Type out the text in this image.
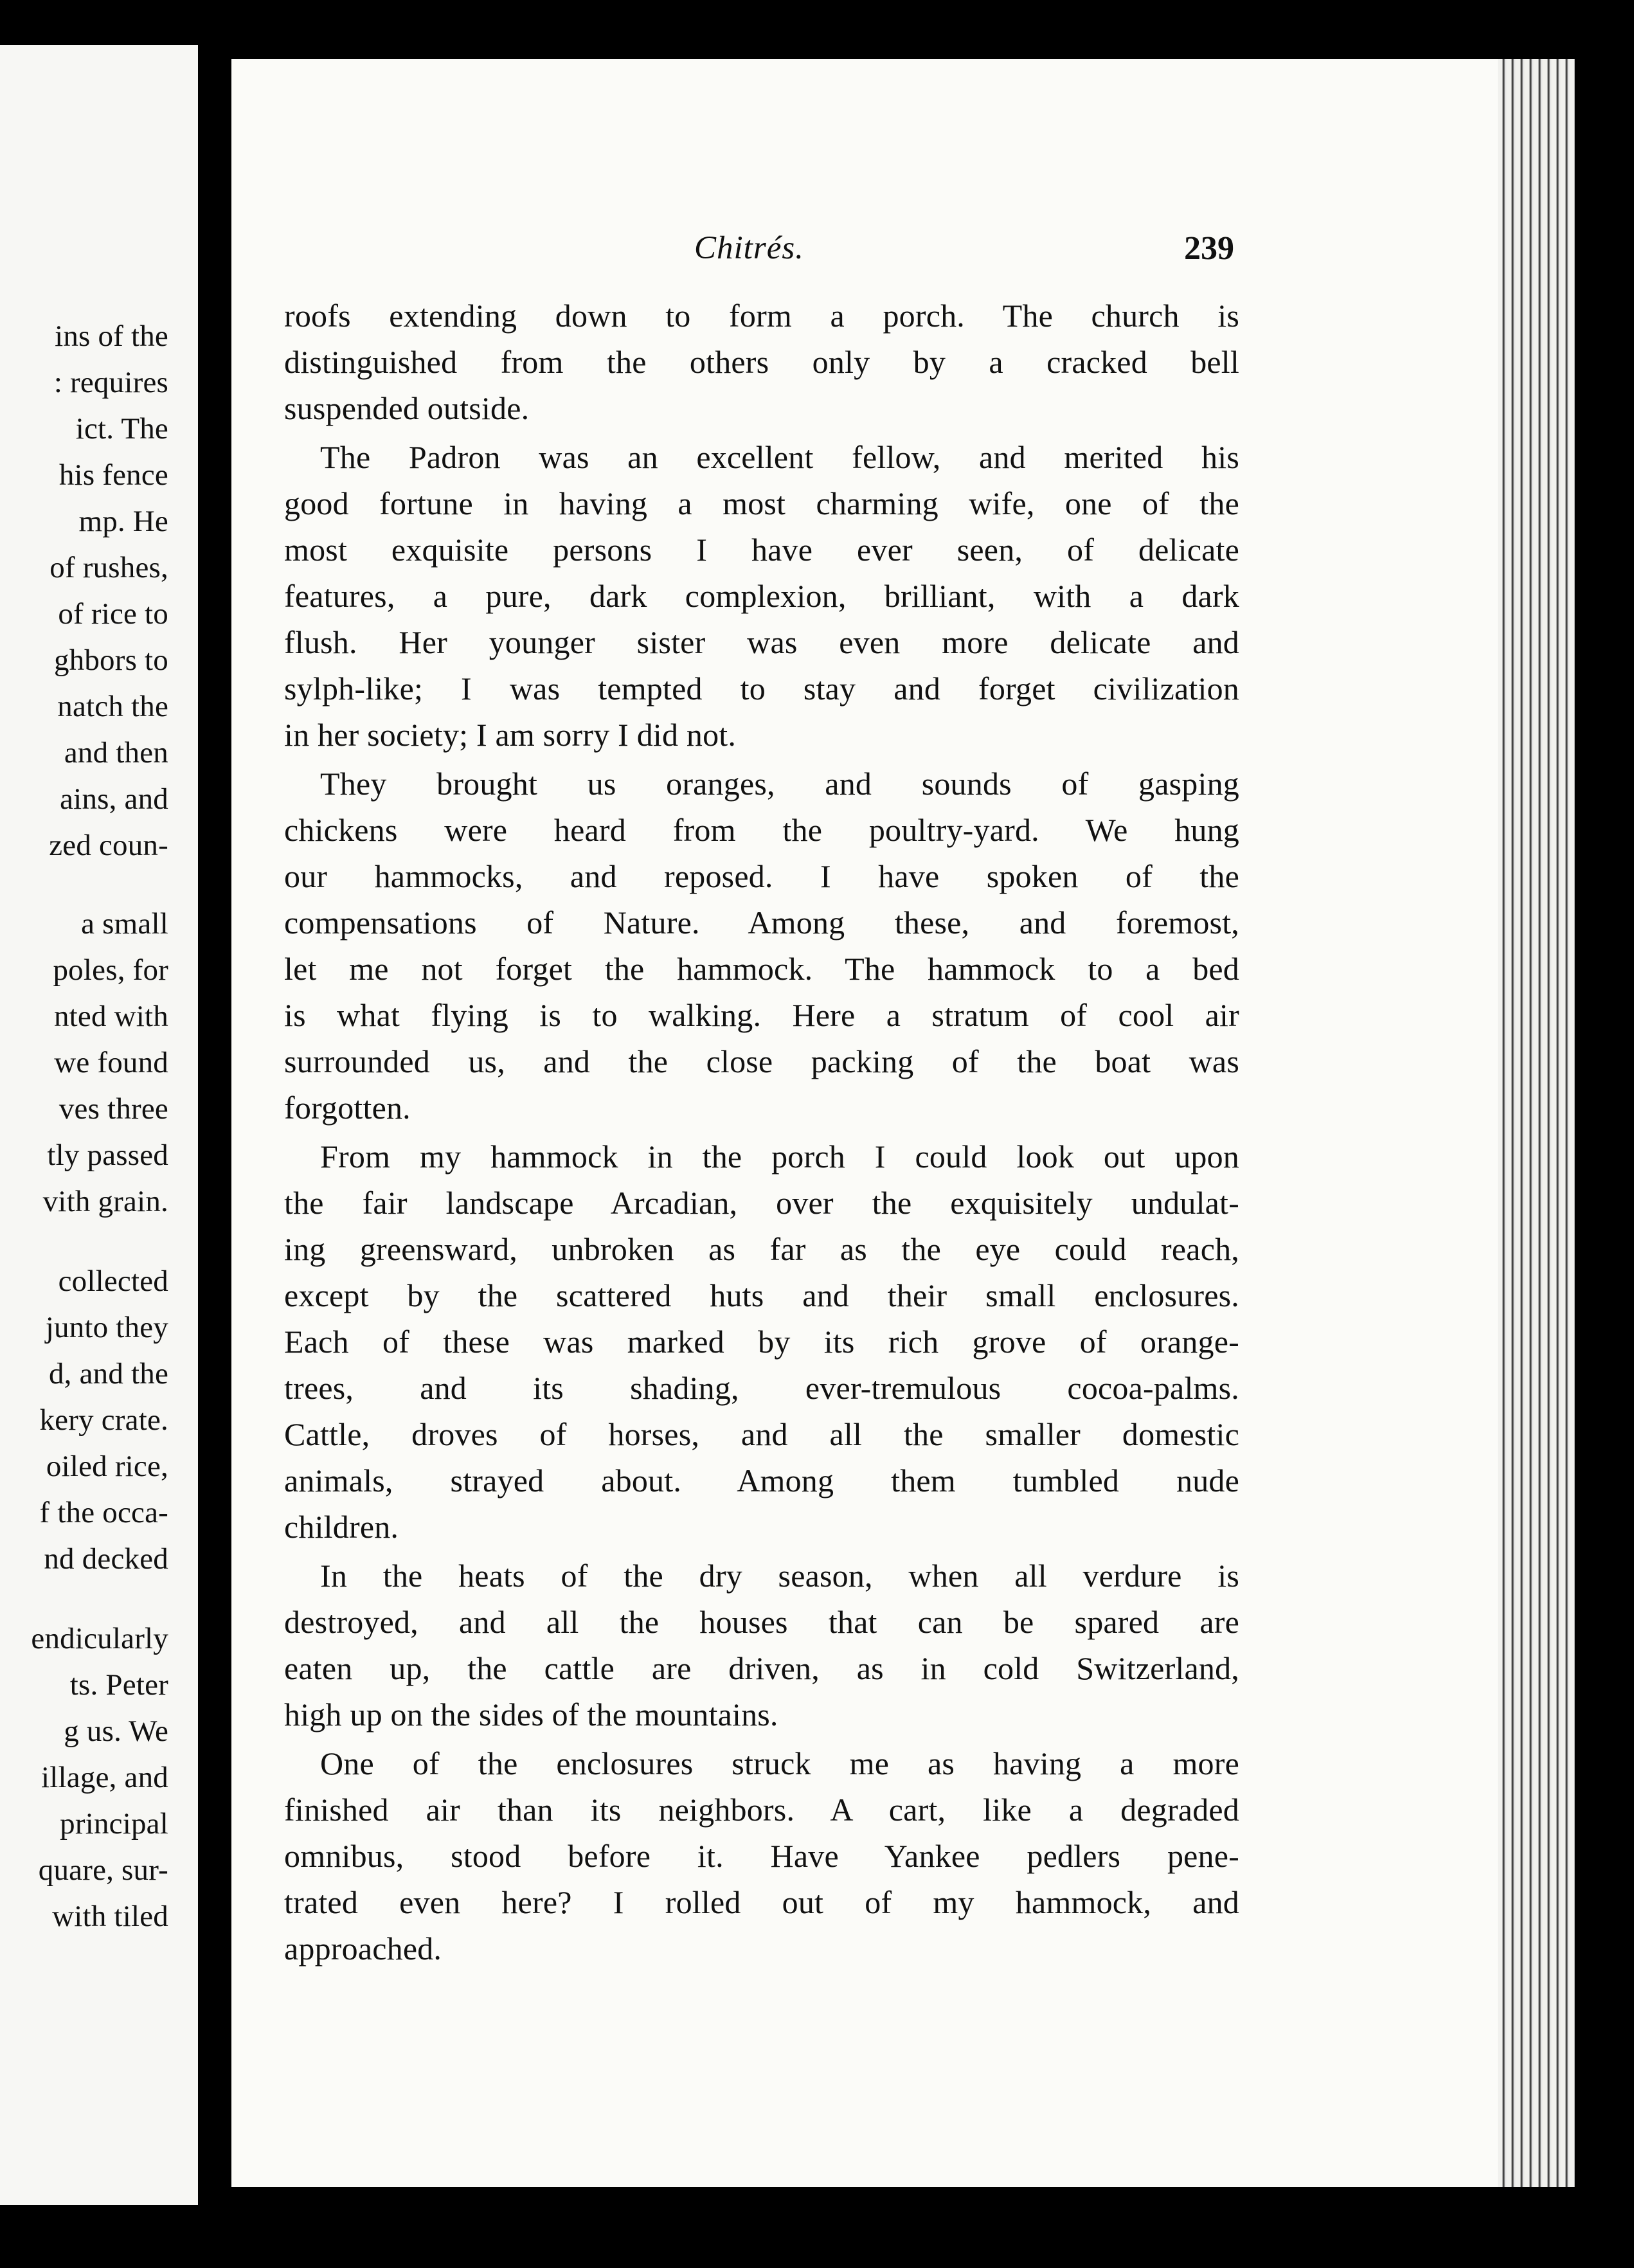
ins of the
: requires
ict. The
his fence
mp. He
of rushes,
of rice to
ghbors to
natch the
and then
ains, and
zed coun-
a small
poles, for
nted with
we found
ves three
tly passed
vith grain.
collected
junto they
d, and the
kery crate.
oiled rice,
f the occa-
nd decked
endicularly
ts. Peter
g us. We
illage, and
principal
quare, sur-
with tiled
Chitrés.	239
roofs extending down to form a porch. The church is
distinguished from the others only by a cracked bell
suspended outside.
The Padron was an excellent fellow, and merited his
good fortune in having a most charming wife, one of the
most exquisite persons I have ever seen, of delicate
features, a pure, dark complexion, brilliant, with a dark
flush. Her younger sister was even more delicate and
sylph-like; I was tempted to stay and forget civilization
in her society; I am sorry I did not.
They brought us oranges, and sounds of gasping
chickens were heard from the poultry-yard. We hung
our hammocks, and reposed. I have spoken of the
compensations of Nature. Among these, and foremost,
let me not forget the hammock. The hammock to a bed
is what flying is to walking. Here a stratum of cool air
surrounded us, and the close packing of the boat was
forgotten.
From my hammock in the porch I could look out upon
the fair landscape Arcadian, over the exquisitely undulat-
ing greensward, unbroken as far as the eye could reach,
except by the scattered huts and their small enclosures.
Each of these was marked by its rich grove of orange-
trees, and its shading, ever-tremulous cocoa-palms.
Cattle, droves of horses, and all the smaller domestic
animals, strayed about. Among them tumbled nude
children.
In the heats of the dry season, when all verdure is
destroyed, and all the houses that can be spared are
eaten up, the cattle are driven, as in cold Switzerland,
high up on the sides of the mountains.
One of the enclosures struck me as having a more
finished air than its neighbors. A cart, like a degraded
omnibus, stood before it. Have Yankee pedlers pene-
trated even here? I rolled out of my hammock, and
approached.
